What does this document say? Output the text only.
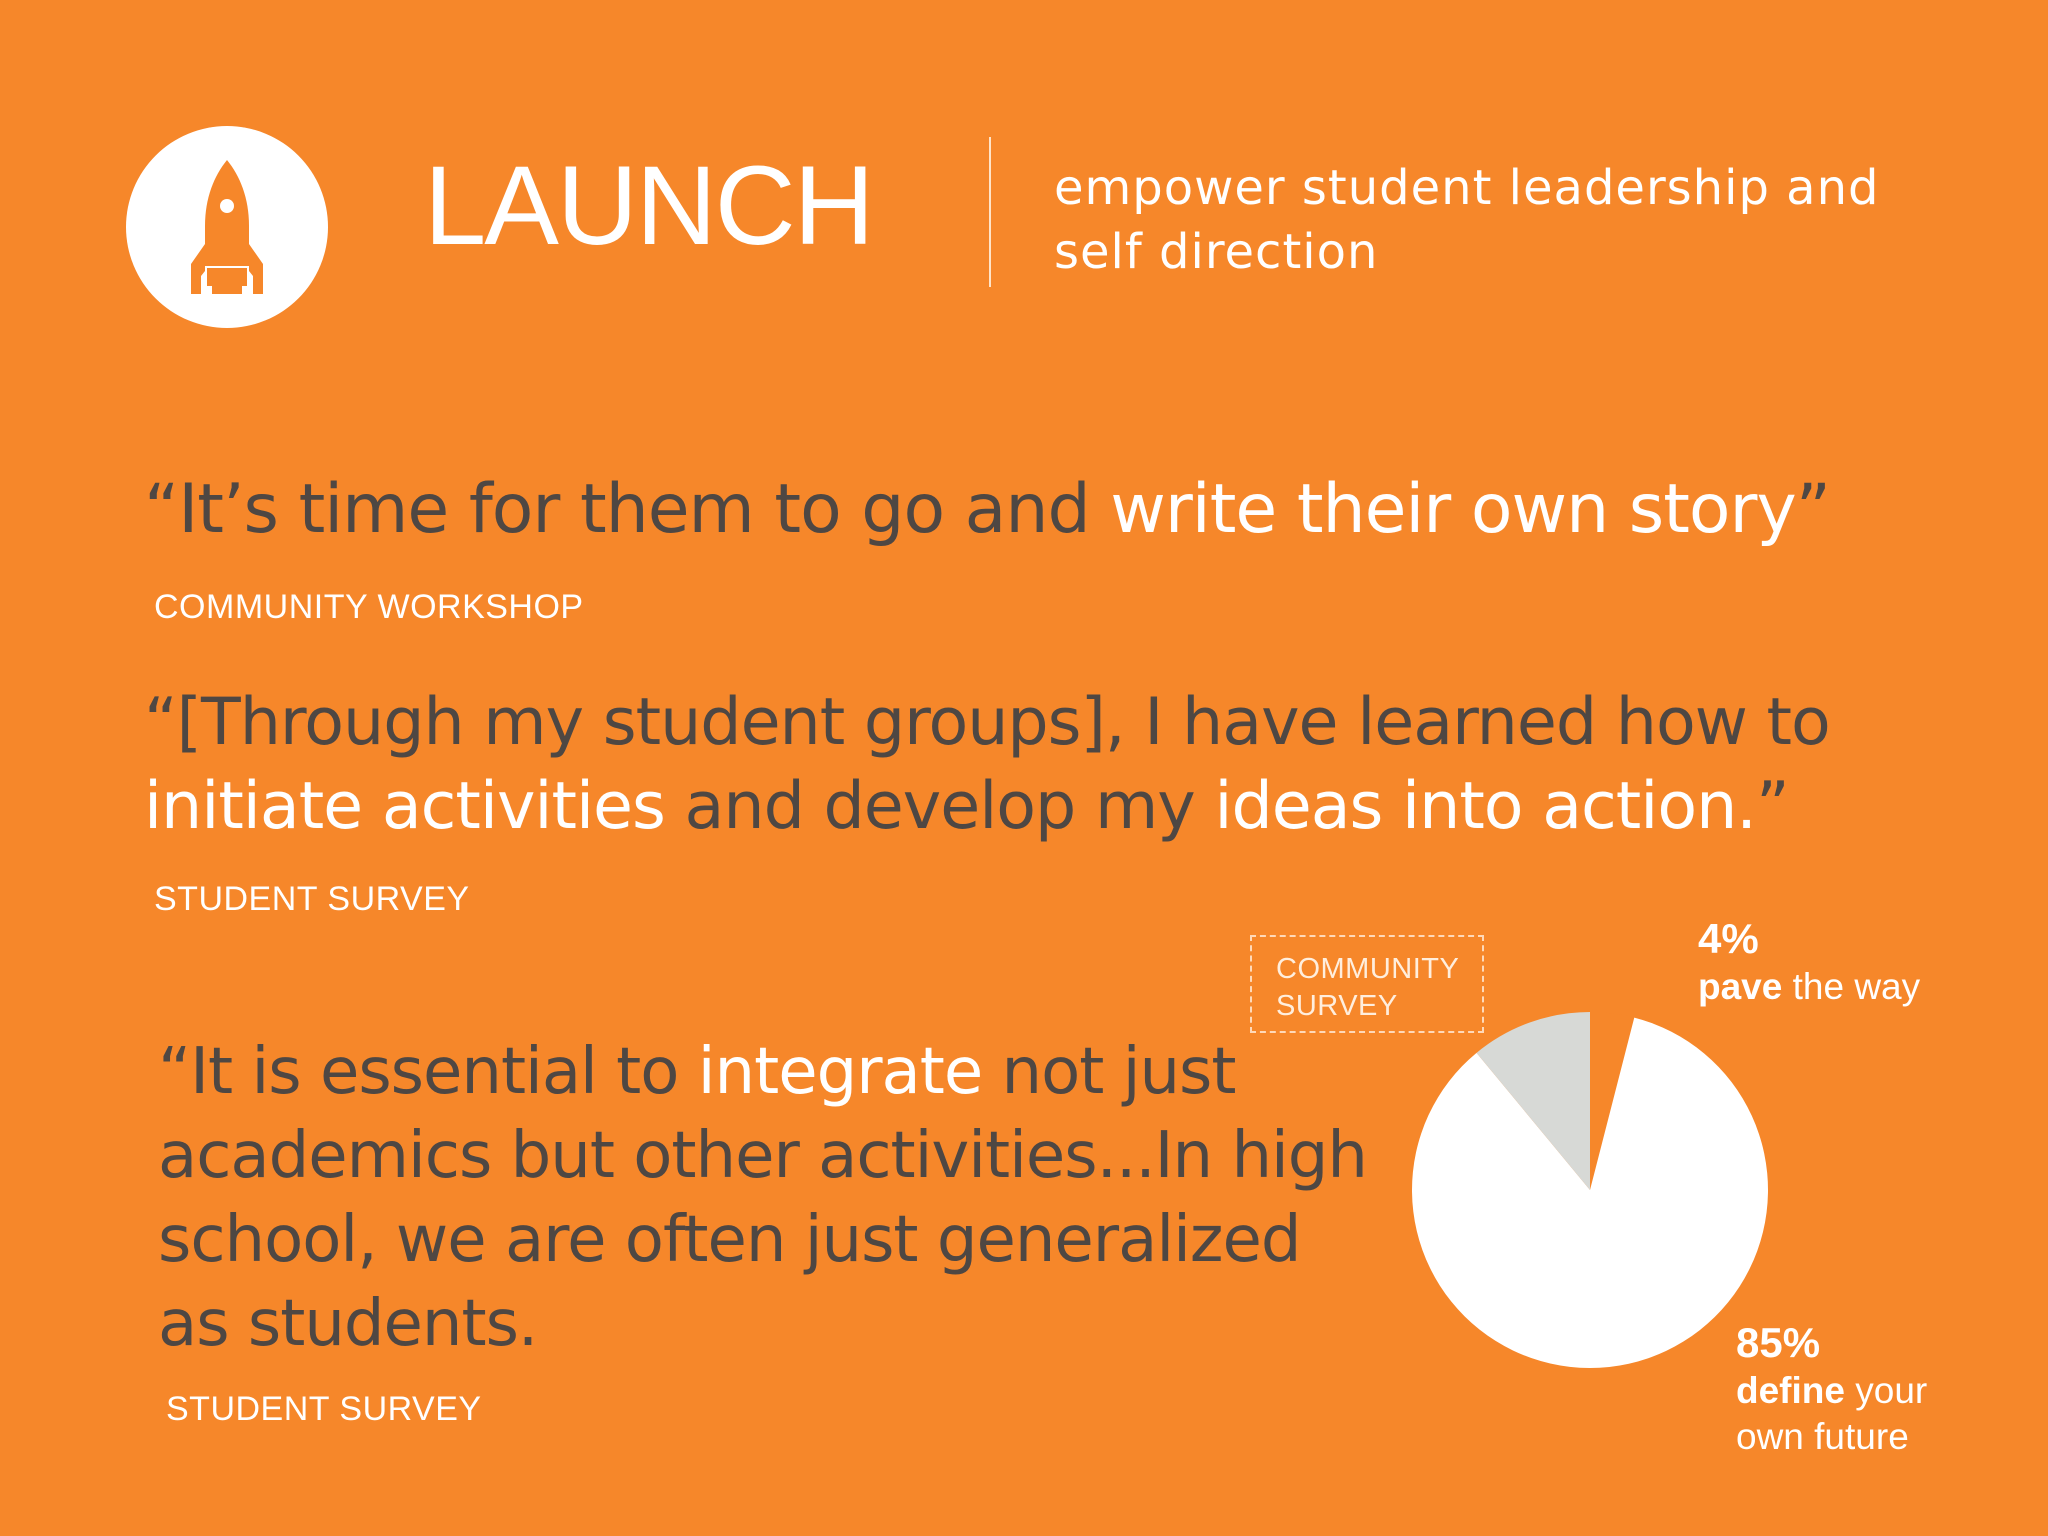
LAUNCH	empower student leadership and
self direction
“It’s time for them to go and write their own story”
COMMUNITY WORKSHOP
“[Through my student groups], I have learned how to
initiate activities and develop my ideas into action.”
STUDENT SURVEY
“It is essential to integrate not just
academics but other activities...In high
school, we are often just generalized
as students.
STUDENT SURVEY
COMMUNITY
SURVEY
4%
pave the way
85%
define your
own future
